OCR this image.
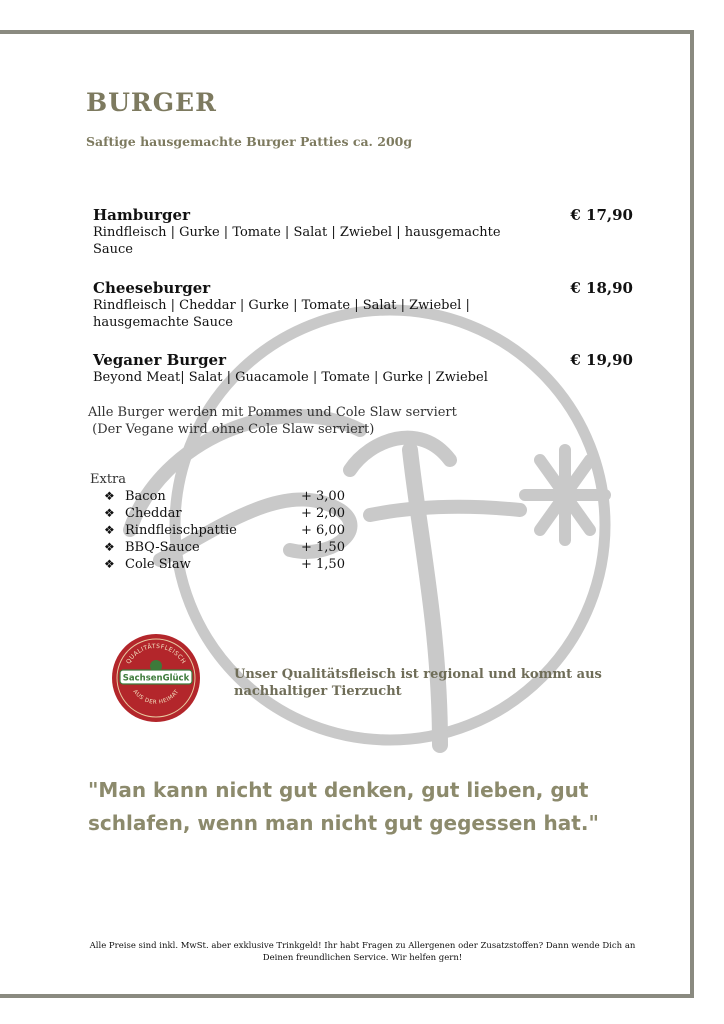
BURGER
Saftige hausgemachte Burger Patties ca. 200g
Hamburger
Rindfleisch | Gurke | Tomate | Salat | Zwiebel | hausgemachte Sauce
€ 17,90
Cheeseburger
Rindfleisch | Cheddar | Gurke | Tomate | Salat | Zwiebel | hausgemachte Sauce
€ 18,90
Veganer Burger
Beyond Meat| Salat | Guacamole | Tomate | Gurke | Zwiebel
€ 19,90
Alle Burger werden mit Pommes und Cole Slaw serviert
(Der Vegane wird ohne Cole Slaw serviert)
Extra
❖ Bacon	+ 3,00
❖ Cheddar	+ 2,00
❖ Rindfleischpattie	+ 6,00
❖ BBQ-Sauce	+ 1,50
❖ Cole Slaw	+ 1,50
QUALITÄTSFLEISCH
SachsenGlück
AUS DER HEIMAT
Unser Qualitätsfleisch ist regional und kommt aus nachhaltiger Tierzucht

"Man kann nicht gut denken, gut lieben, gut schlafen, wenn man nicht gut gegessen hat."

Alle Preise sind inkl. MwSt. aber exklusive Trinkgeld! Ihr habt Fragen zu Allergenen oder Zusatzstoffen? Dann wende Dich an Deinen freundlichen Service. Wir helfen gern!
